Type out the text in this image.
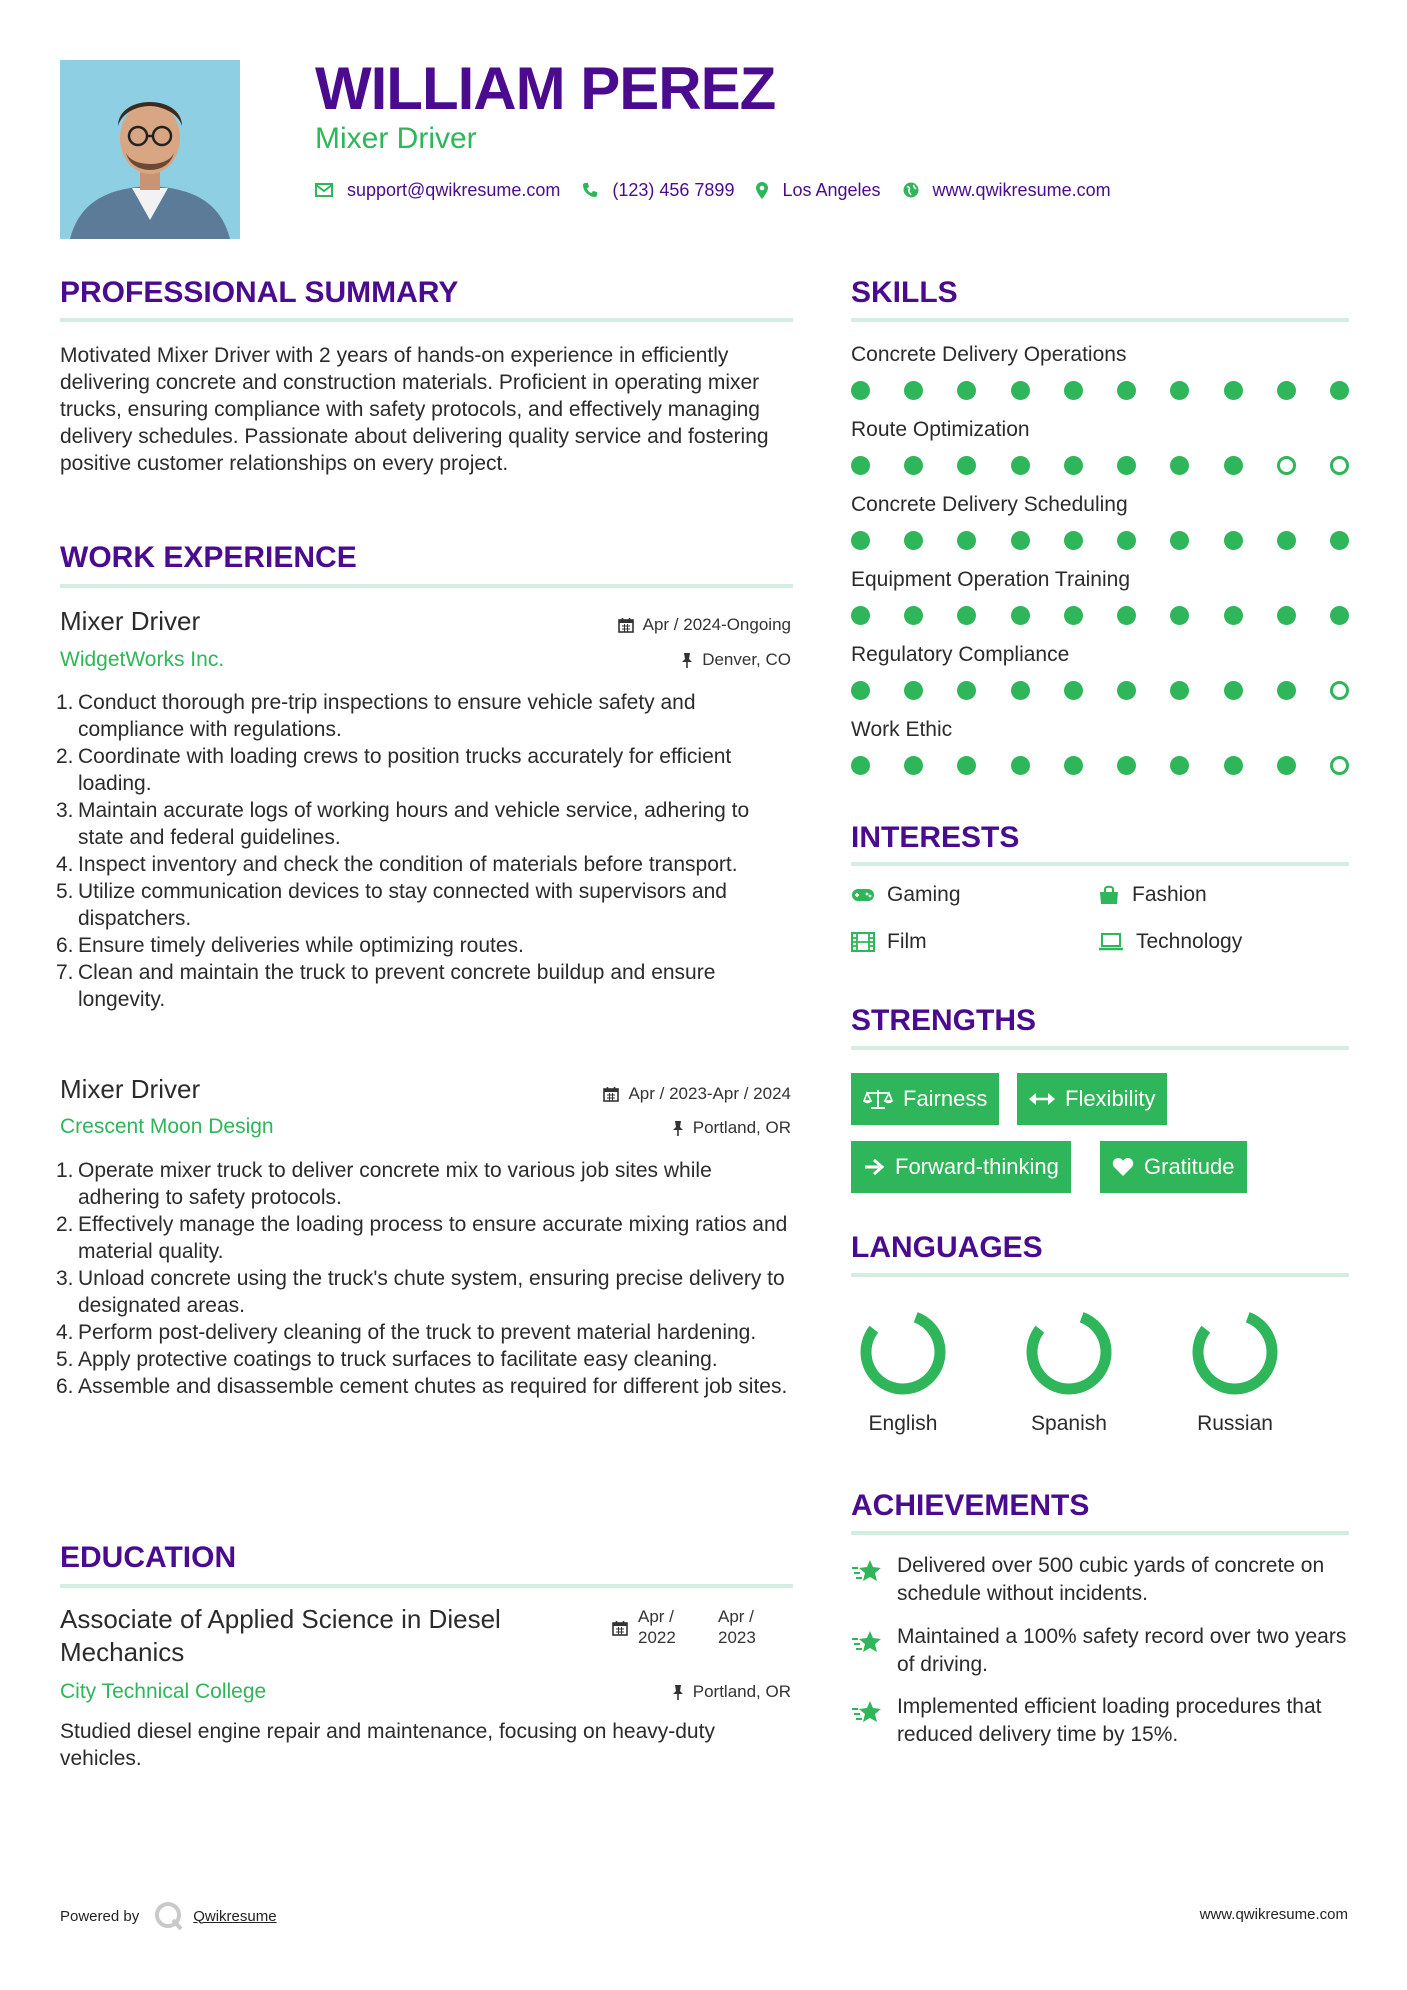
WILLIAM PEREZ
Mixer Driver
support@qwikresume.com	(123) 456 7899	Los Angeles	www.qwikresume.com
PROFESSIONAL SUMMARY
Motivated Mixer Driver with 2 years of hands-on experience in efficiently delivering concrete and construction materials. Proficient in operating mixer trucks, ensuring compliance with safety protocols, and effectively managing delivery schedules. Passionate about delivering quality service and fostering positive customer relationships on every project.
WORK EXPERIENCE
Mixer Driver
WidgetWorks Inc.
Apr / 2024-Ongoing
Denver, CO
1. Conduct thorough pre-trip inspections to ensure vehicle safety and compliance with regulations.
2. Coordinate with loading crews to position trucks accurately for efficient loading.
3. Maintain accurate logs of working hours and vehicle service, adhering to state and federal guidelines.
4. Inspect inventory and check the condition of materials before transport.
5. Utilize communication devices to stay connected with supervisors and dispatchers.
6. Ensure timely deliveries while optimizing routes.
7. Clean and maintain the truck to prevent concrete buildup and ensure longevity.
Mixer Driver
Crescent Moon Design
Apr / 2023-Apr / 2024
Portland, OR
1. Operate mixer truck to deliver concrete mix to various job sites while adhering to safety protocols.
2. Effectively manage the loading process to ensure accurate mixing ratios and material quality.
3. Unload concrete using the truck's chute system, ensuring precise delivery to designated areas.
4. Perform post-delivery cleaning of the truck to prevent material hardening.
5. Apply protective coatings to truck surfaces to facilitate easy cleaning.
6. Assemble and disassemble cement chutes as required for different job sites.
EDUCATION
Associate of Applied Science in Diesel Mechanics
Apr /
2022
Apr /
2023
City Technical College	Portland, OR
Studied diesel engine repair and maintenance, focusing on heavy-duty vehicles.
SKILLS
Concrete Delivery Operations
Route Optimization
Concrete Delivery Scheduling
Equipment Operation Training
Regulatory Compliance
Work Ethic
INTERESTS
Gaming	Fashion
Film	Technology
STRENGTHS
Fairness	Flexibility
Forward-thinking	Gratitude
LANGUAGES
English	Spanish	Russian
ACHIEVEMENTS
Delivered over 500 cubic yards of concrete on schedule without incidents.
Maintained a 100% safety record over two years of driving.
Implemented efficient loading procedures that reduced delivery time by 15%.
Powered by	Qwikresume	www.qwikresume.com
